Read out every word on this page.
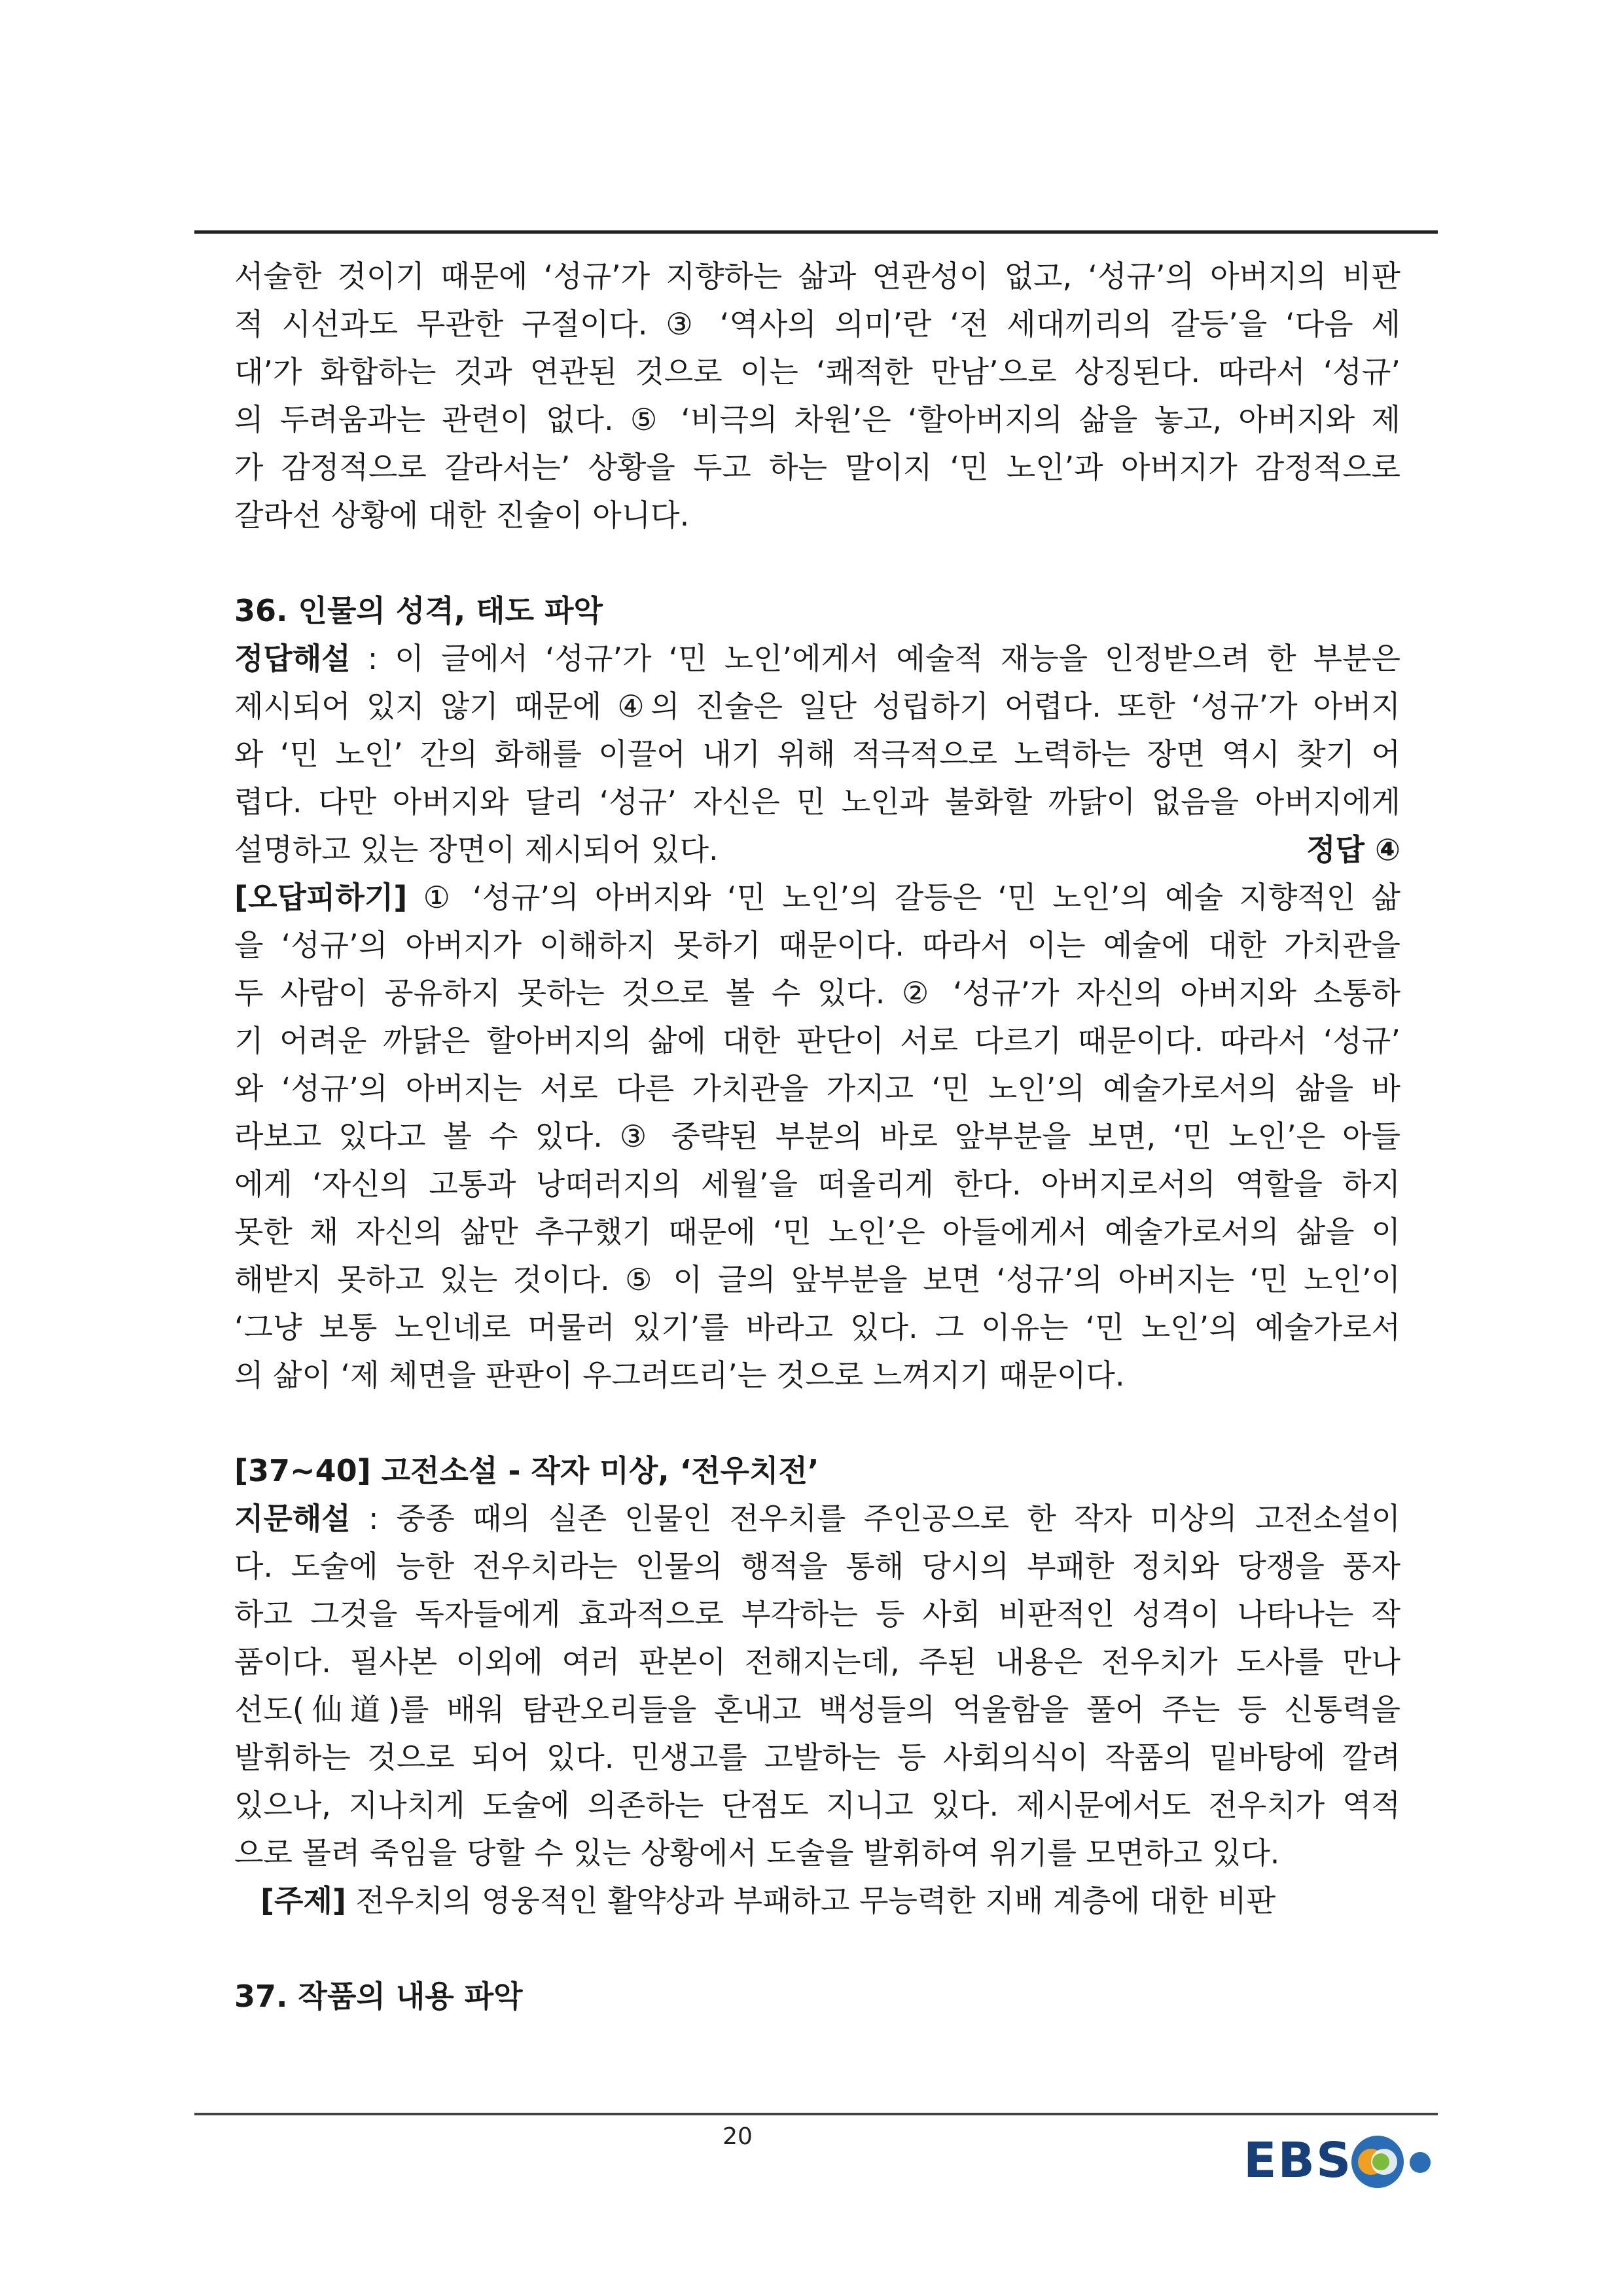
서술한 것이기 때문에 ‘성규’가 지향하는 삶과 연관성이 없고, ‘성규’의 아버지의 비판
적 시선과도 무관한 구절이다. ③ ‘역사의 의미’란 ‘전 세대끼리의 갈등’을 ‘다음 세
대’가 화합하는 것과 연관된 것으로 이는 ‘쾌적한 만남’으로 상징된다. 따라서 ‘성규’
의 두려움과는 관련이 없다. ⑤ ‘비극의 차원’은 ‘할아버지의 삶을 놓고, 아버지와 제
가 감정적으로 갈라서는’ 상황을 두고 하는 말이지 ‘민 노인’과 아버지가 감정적으로
갈라선 상황에 대한 진술이 아니다.
36. 인물의 성격, 태도 파악
정답해설 : 이 글에서 ‘성규’가 ‘민 노인’에게서 예술적 재능을 인정받으려 한 부분은
제시되어 있지 않기 때문에 ④의 진술은 일단 성립하기 어렵다. 또한 ‘성규’가 아버지
와 ‘민 노인’ 간의 화해를 이끌어 내기 위해 적극적으로 노력하는 장면 역시 찾기 어
렵다. 다만 아버지와 달리 ‘성규’ 자신은 민 노인과 불화할 까닭이 없음을 아버지에게
설명하고 있는 장면이 제시되어 있다.	정답 ④
[오답피하기] ① ‘성규’의 아버지와 ‘민 노인’의 갈등은 ‘민 노인’의 예술 지향적인 삶
을 ‘성규’의 아버지가 이해하지 못하기 때문이다. 따라서 이는 예술에 대한 가치관을
두 사람이 공유하지 못하는 것으로 볼 수 있다. ② ‘성규’가 자신의 아버지와 소통하
기 어려운 까닭은 할아버지의 삶에 대한 판단이 서로 다르기 때문이다. 따라서 ‘성규’
와 ‘성규’의 아버지는 서로 다른 가치관을 가지고 ‘민 노인’의 예술가로서의 삶을 바
라보고 있다고 볼 수 있다. ③ 중략된 부분의 바로 앞부분을 보면, ‘민 노인’은 아들
에게 ‘자신의 고통과 낭떠러지의 세월’을 떠올리게 한다. 아버지로서의 역할을 하지
못한 채 자신의 삶만 추구했기 때문에 ‘민 노인’은 아들에게서 예술가로서의 삶을 이
해받지 못하고 있는 것이다. ⑤ 이 글의 앞부분을 보면 ‘성규’의 아버지는 ‘민 노인’이
‘그냥 보통 노인네로 머물러 있기’를 바라고 있다. 그 이유는 ‘민 노인’의 예술가로서
의 삶이 ‘제 체면을 판판이 우그러뜨리’는 것으로 느껴지기 때문이다.
[37~40] 고전소설 - 작자 미상, ‘전우치전’
지문해설 : 중종 때의 실존 인물인 전우치를 주인공으로 한 작자 미상의 고전소설이
다. 도술에 능한 전우치라는 인물의 행적을 통해 당시의 부패한 정치와 당쟁을 풍자
하고 그것을 독자들에게 효과적으로 부각하는 등 사회 비판적인 성격이 나타나는 작
품이다. 필사본 이외에 여러 판본이 전해지는데, 주된 내용은 전우치가 도사를 만나
선도(仙道)를 배워 탐관오리들을 혼내고 백성들의 억울함을 풀어 주는 등 신통력을
발휘하는 것으로 되어 있다. 민생고를 고발하는 등 사회의식이 작품의 밑바탕에 깔려
있으나, 지나치게 도술에 의존하는 단점도 지니고 있다. 제시문에서도 전우치가 역적
으로 몰려 죽임을 당할 수 있는 상황에서 도술을 발휘하여 위기를 모면하고 있다.
[주제] 전우치의 영웅적인 활약상과 부패하고 무능력한 지배 계층에 대한 비판
37. 작품의 내용 파악
20	EBS
